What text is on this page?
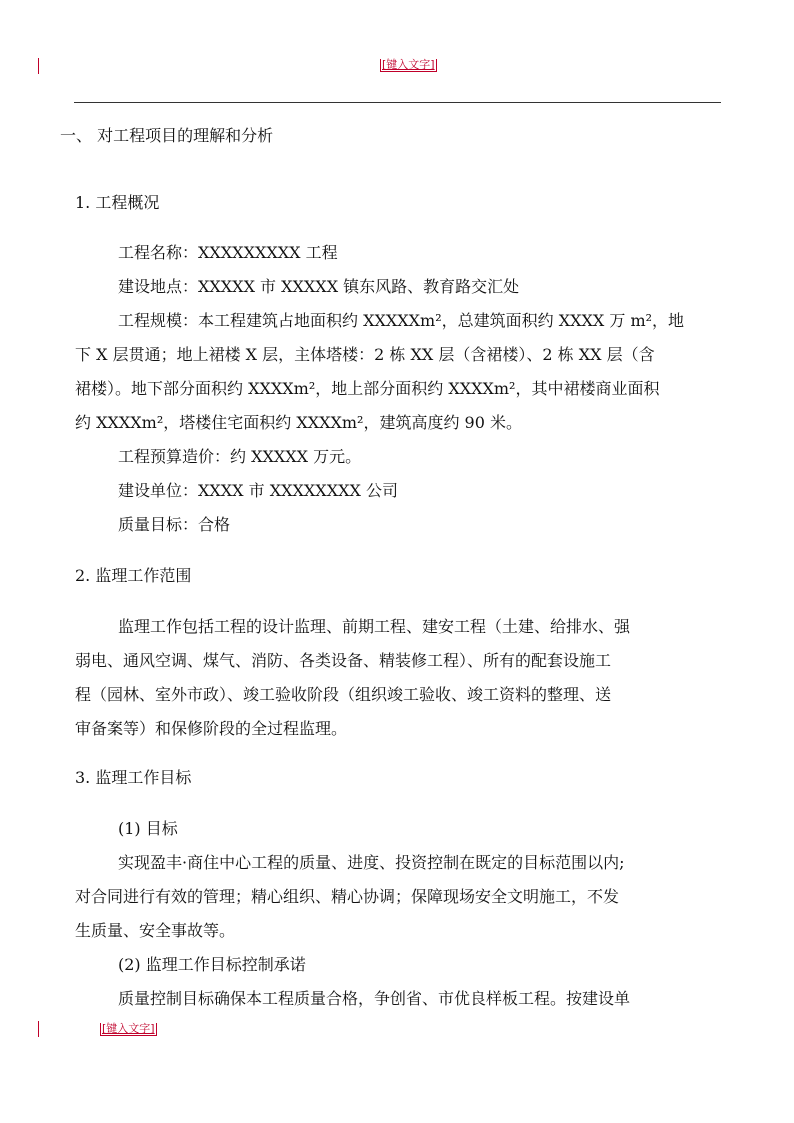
[键入文字]
一、 对工程项目的理解和分析
1. 工程概况
工程名称：XXXXXXXXX 工程
建设地点：XXXXX 市 XXXXX 镇东风路、教育路交汇处
工程规模：本工程建筑占地面积约 XXXXXm²，总建筑面积约 XXXX 万 m²，地
下 X 层贯通；地上裙楼 X 层，主体塔楼：2 栋 XX 层（含裙楼）、2 栋 XX 层（含
裙楼）。地下部分面积约 XXXXm²，地上部分面积约 XXXXm²，其中裙楼商业面积
约 XXXXm²，塔楼住宅面积约 XXXXm²，建筑高度约 90 米。
工程预算造价：约 XXXXX 万元。
建设单位：XXXX 市 XXXXXXXX 公司
质量目标：合格
2. 监理工作范围
监理工作包括工程的设计监理、前期工程、建安工程（土建、给排水、强
弱电、通风空调、煤气、消防、各类设备、精装修工程）、所有的配套设施工
程（园林、室外市政）、竣工验收阶段（组织竣工验收、竣工资料的整理、送
审备案等）和保修阶段的全过程监理。
3. 监理工作目标
(1) 目标
实现盈丰·商住中心工程的质量、进度、投资控制在既定的目标范围以内;
对合同进行有效的管理；精心组织、精心协调；保障现场安全文明施工，不发
生质量、安全事故等。
(2) 监理工作目标控制承诺
质量控制目标确保本工程质量合格，争创省、市优良样板工程。按建设单
[键入文字]
